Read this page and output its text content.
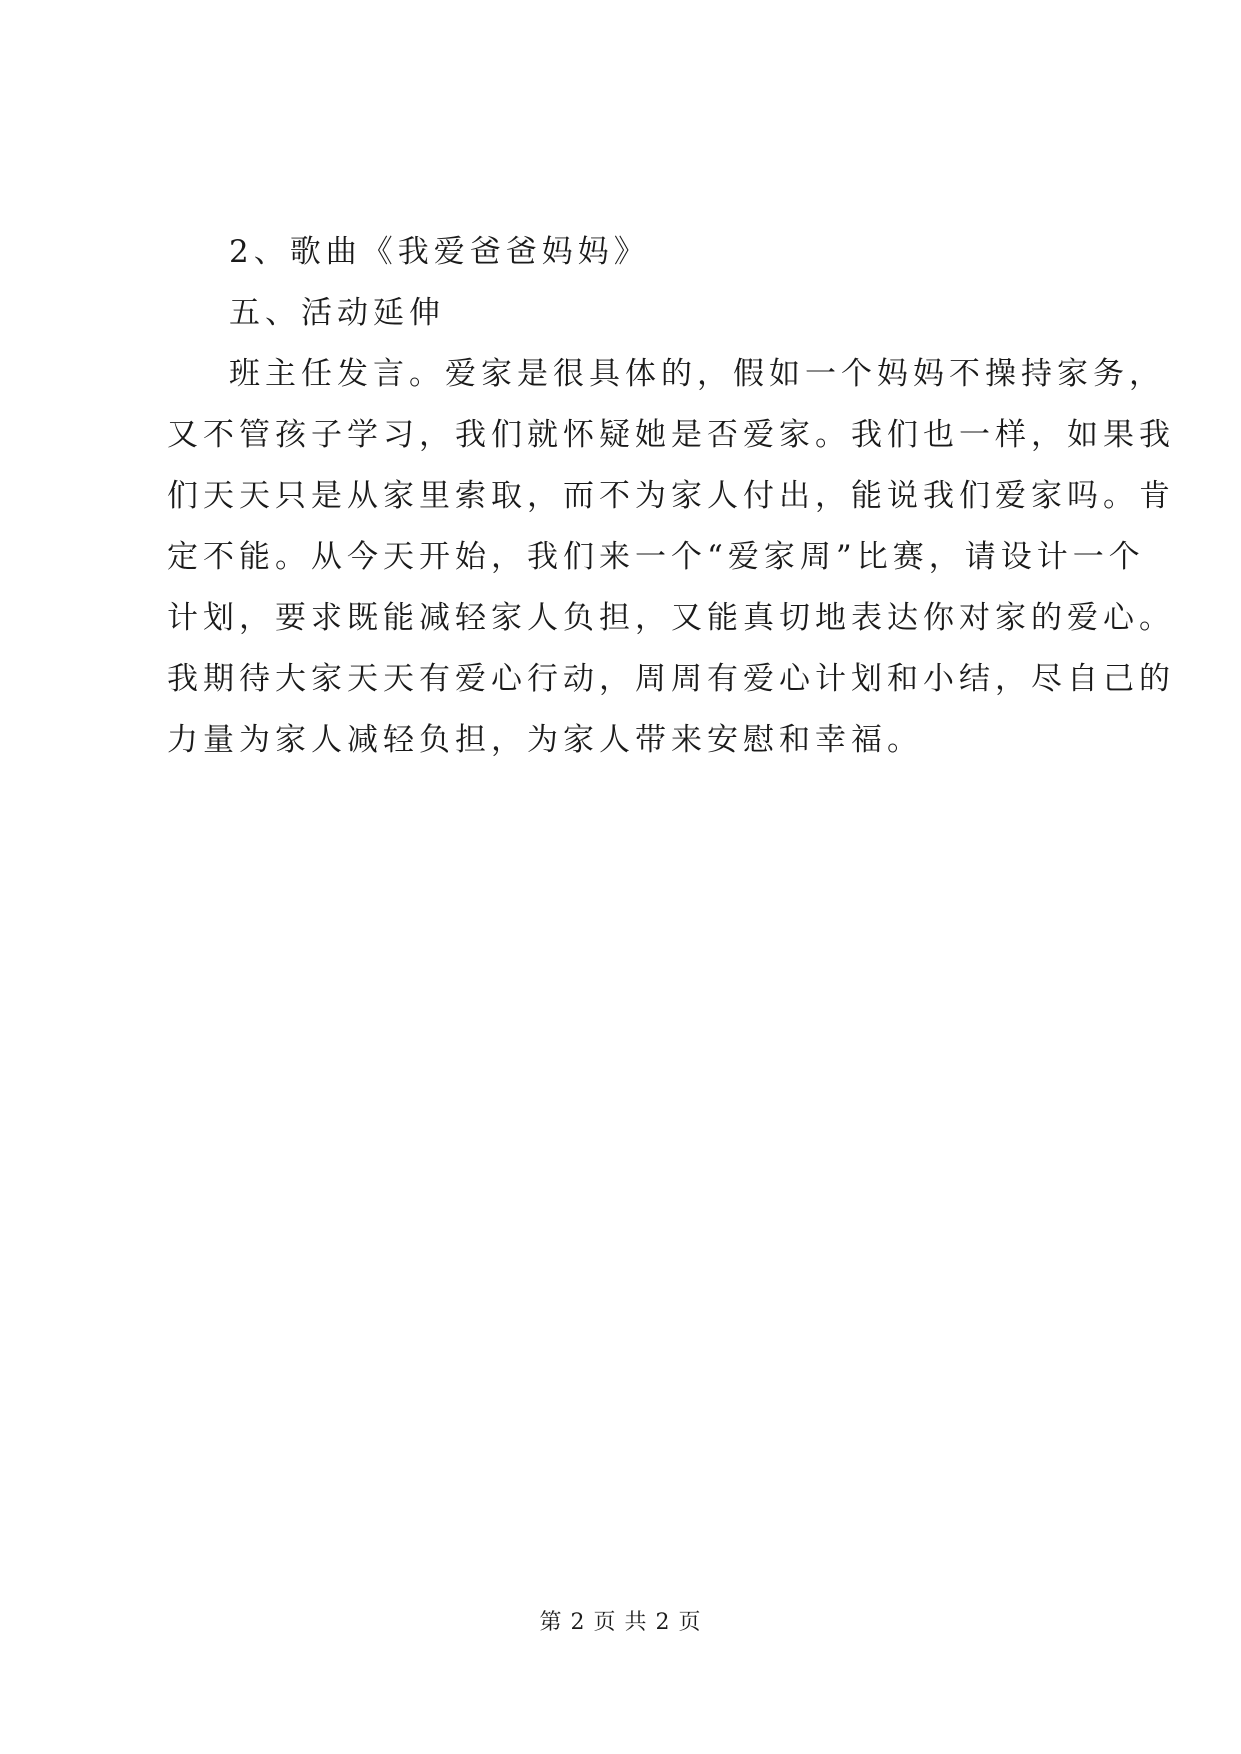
2、歌曲《我爱爸爸妈妈》
五、活动延伸
班主任发言。爱家是很具体的，假如一个妈妈不操持家务，
又不管孩子学习，我们就怀疑她是否爱家。我们也一样，如果我
们天天只是从家里索取，而不为家人付出，能说我们爱家吗。肯
定不能。从今天开始，我们来一个“爱家周”比赛，请设计一个
计划，要求既能减轻家人负担，又能真切地表达你对家的爱心。
我期待大家天天有爱心行动，周周有爱心计划和小结，尽自己的
力量为家人减轻负担，为家人带来安慰和幸福。
第 2 页 共 2 页
